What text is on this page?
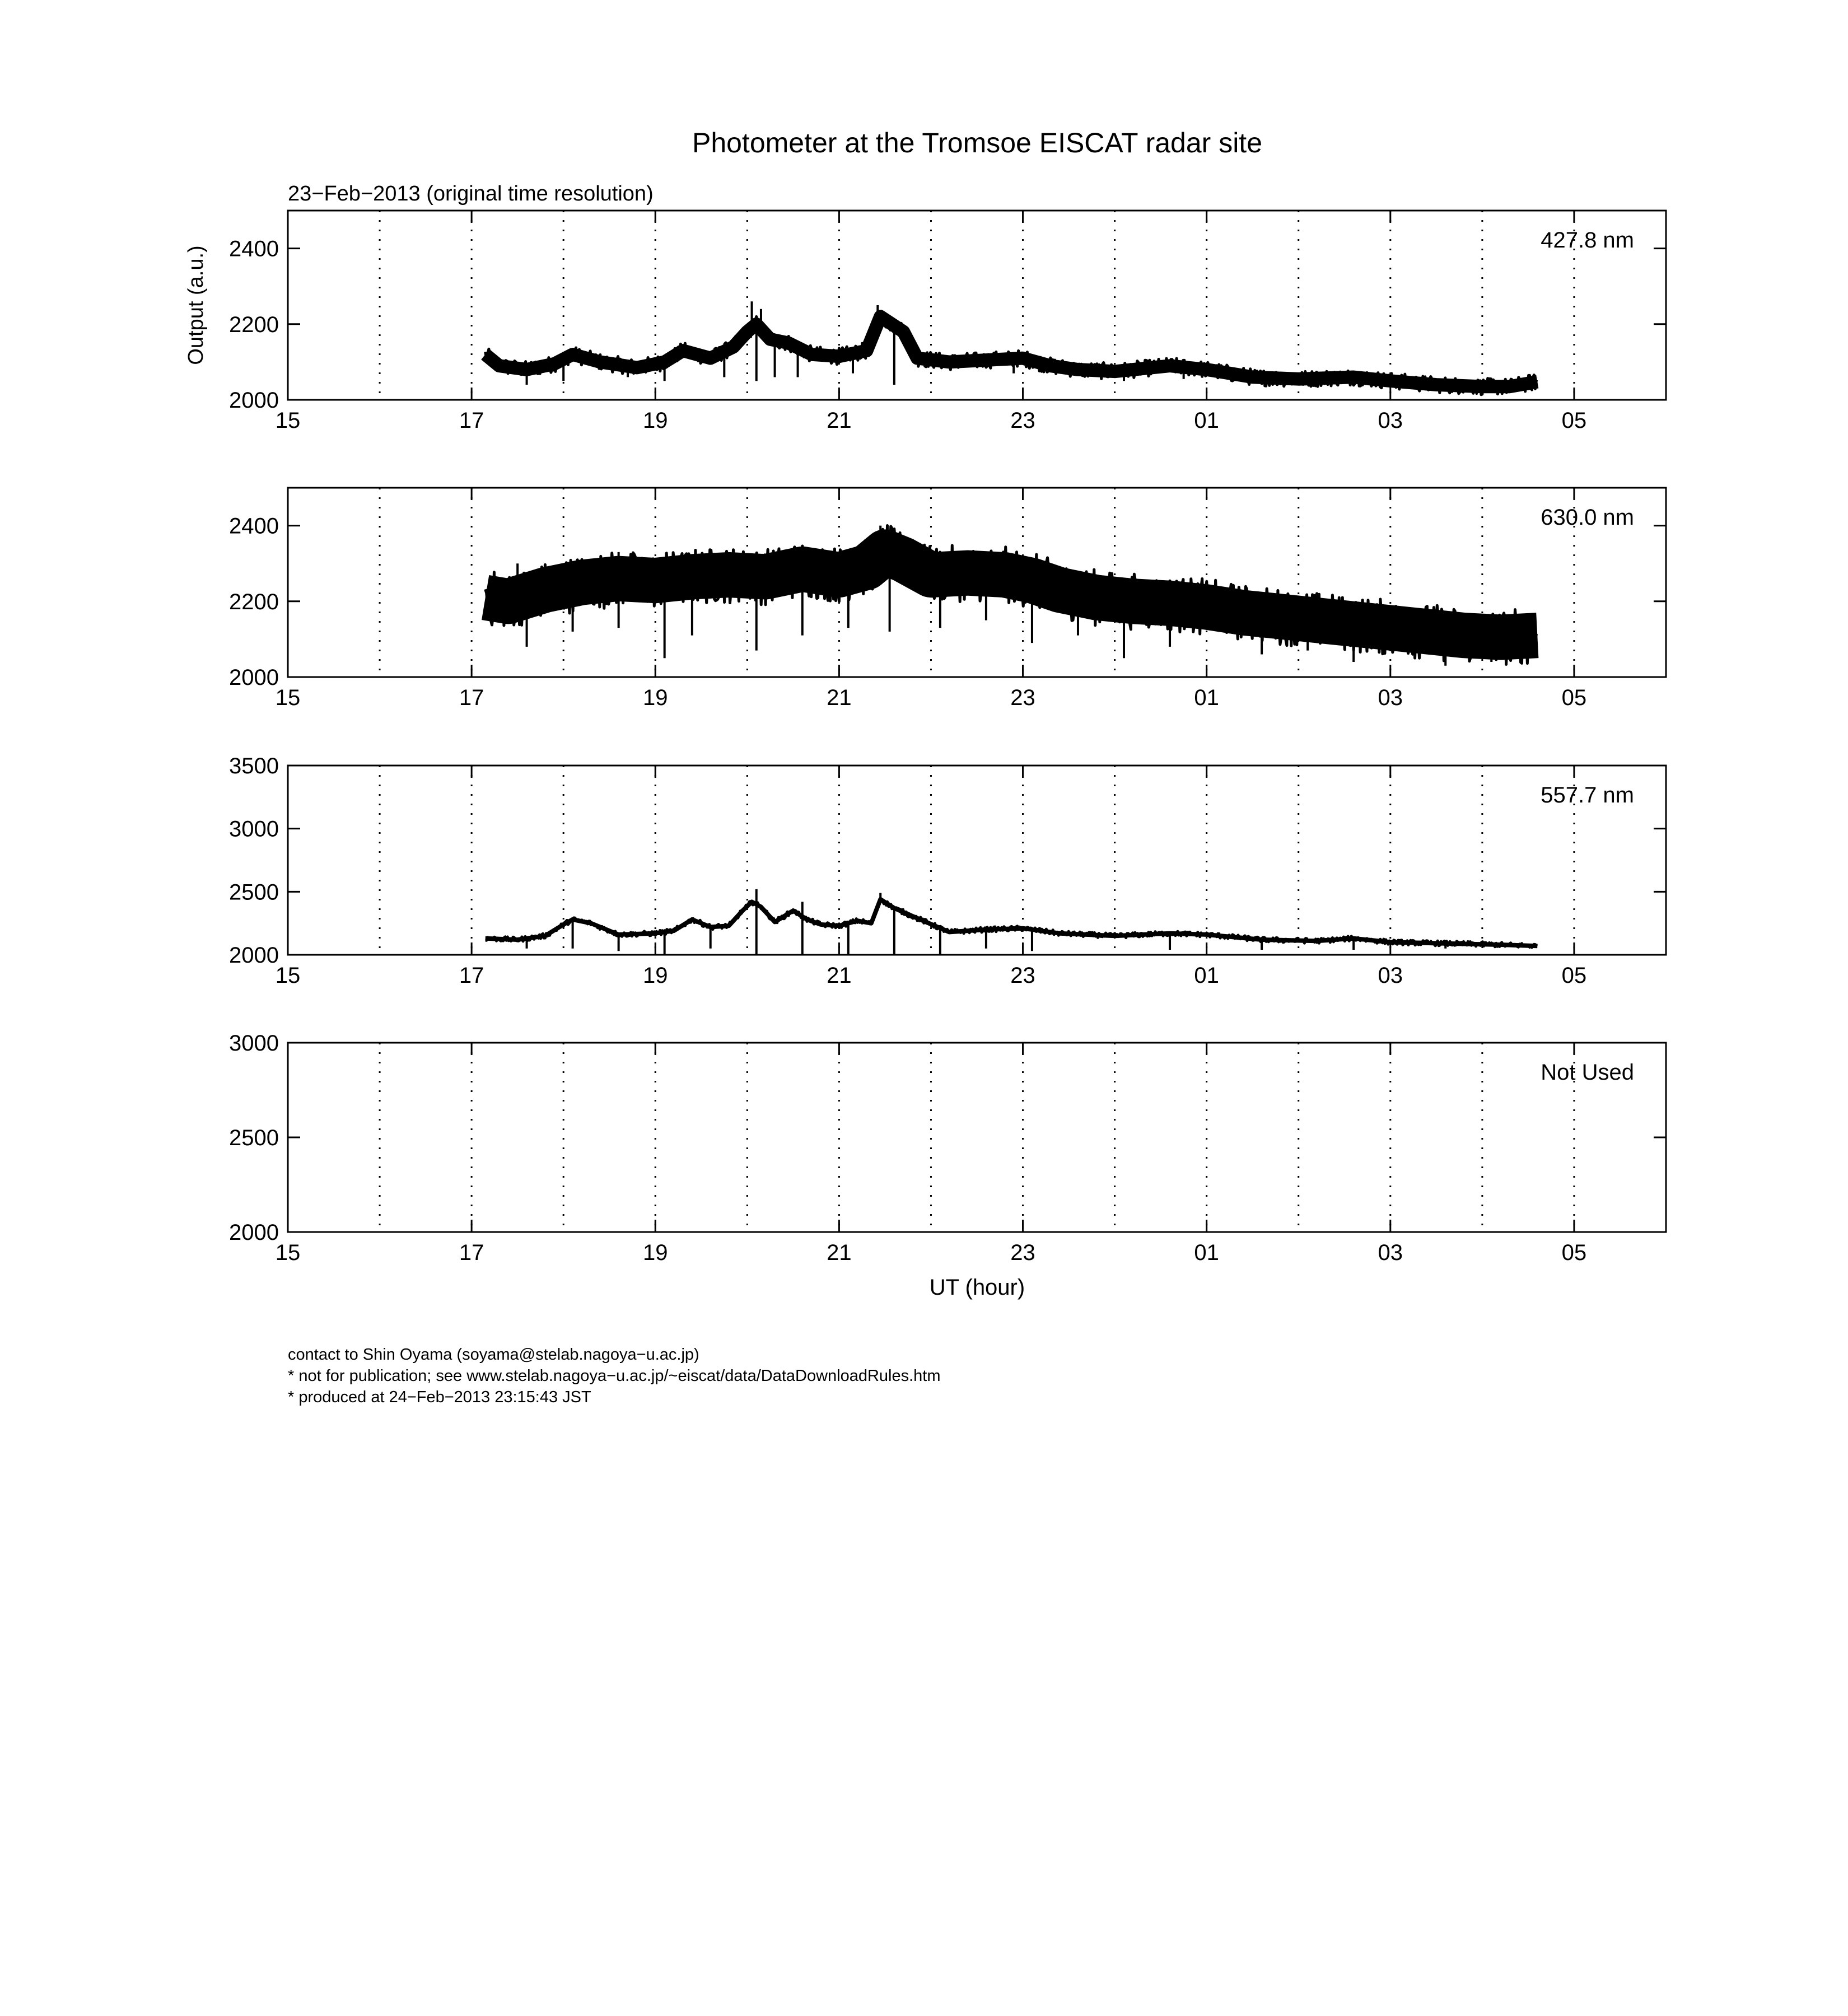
Photometer at the Tromsoe EISCAT radar site
23−Feb−2013 (original time resolution)
Output (a.u.)
UT (hour)
15	17	19	21	23	01	03	05
2000
2200
2400	427.8 nm
15	17	19	21	23	01	03	05
2000
2200
2400	630.0 nm
15	17	19	21	23	01	03	05
2000
2500
3000
3500
557.7 nm
15	17	19	21	23	01	03	05
2000
2500
3000
Not Used
contact to Shin Oyama (soyama@stelab.nagoya−u.ac.jp)
* not for publication; see www.stelab.nagoya−u.ac.jp/~eiscat/data/DataDownloadRules.htm
* produced at 24−Feb−2013 23:15:43 JST
